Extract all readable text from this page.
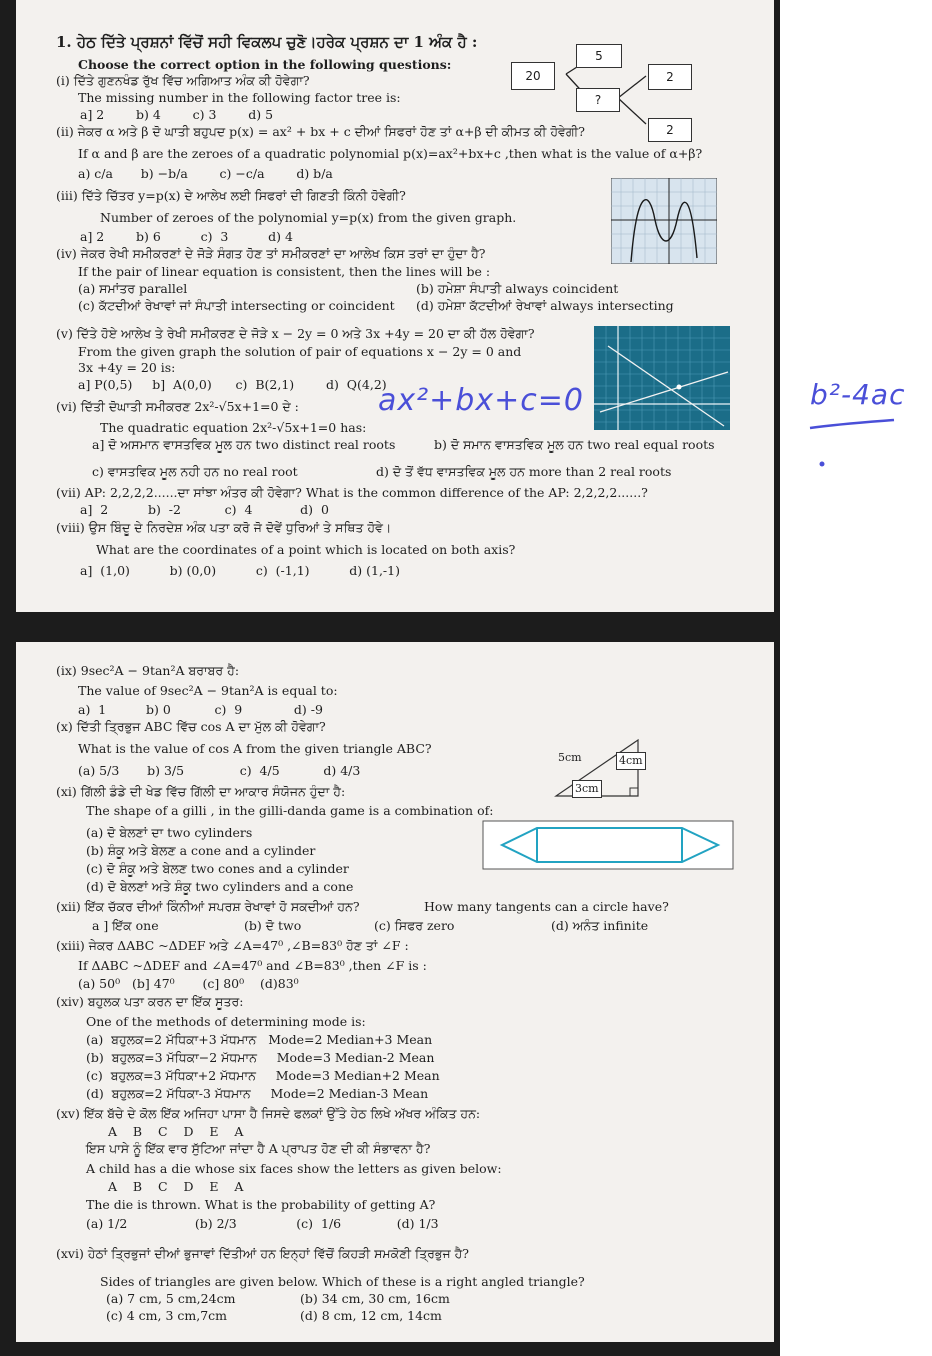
1. ਹੇਠ ਦਿੱਤੇ ਪ੍ਰਸ਼ਨਾਂ ਵਿੱਚੋਂ ਸਹੀ ਵਿਕਲਪ ਚੁਣੋ।ਹਰੇਕ ਪ੍ਰਸ਼ਨ ਦਾ 1 ਅੰਕ ਹੈ :
Choose the correct option in the following questions:
20
5
2
?
2
(i) ਦਿੱਤੇ ਗੁਣਨਖੰਡ ਰੁੱਖ ਵਿੱਚ ਅਗਿਆਤ ਅੰਕ ਕੀ ਹੋਵੇਗਾ?
The missing number in the following factor tree is:
a] 2        b) 4        c) 3        d) 5
(ii) ਜੇਕਰ α ਅਤੇ β ਦੋ ਘਾਤੀ ਬਹੁਪਦ p(x) = ax² + bx + c ਦੀਆਂ ਸਿਫਰਾਂ ਹੋਣ ਤਾਂ α+β ਦੀ ਕੀਮਤ ਕੀ ਹੋਵੇਗੀ?
If α and β are the zeroes of a quadratic polynomial p(x)=ax²+bx+c ,then what is the value of α+β?
a) c/a       b) −b/a        c) −c/a        d) b/a
(iii) ਦਿੱਤੇ ਚਿੱਤਰ y=p(x) ਦੇ ਆਲੇਖ ਲਈ ਸਿਫਰਾਂ ਦੀ ਗਿਣਤੀ ਕਿੰਨੀ ਹੋਵੇਗੀ?
Number of zeroes of the polynomial y=p(x) from the given graph.
a] 2        b) 6          c)  3          d) 4
(iv) ਜੇਕਰ ਰੇਖੀ ਸਮੀਕਰਣਾਂ ਦੇ ਜੋੜੇ ਸੰਗਤ ਹੋਣ ਤਾਂ ਸਮੀਕਰਣਾਂ ਦਾ ਆਲੇਖ ਕਿਸ ਤਰਾਂ ਦਾ ਹੁੰਦਾ ਹੈ?
If the pair of linear equation is consistent, then the lines will be :
(a) ਸਮਾਂਤਰ parallel	(b) ਹਮੇਸ਼ਾ ਸੰਪਾਤੀ always coincident
(c) ਕੱਟਦੀਆਂ ਰੇਖਾਵਾਂ ਜਾਂ ਸੰਪਾਤੀ intersecting or coincident (d) ਹਮੇਸ਼ਾ ਕੱਟਦੀਆਂ ਰੇਖਾਵਾਂ always intersecting
(v) ਦਿੱਤੇ ਹੋਏ ਆਲੇਖ ਤੇ ਰੇਖੀ ਸਮੀਕਰਣ ਦੇ ਜੋੜੇ x − 2y = 0 ਅਤੇ 3x +4y = 20 ਦਾ ਕੀ ਹੱਲ ਹੋਵੇਗਾ?
From the given graph the solution of pair of equations x − 2y = 0 and
3x +4y = 20 is:
a] P(0,5)     b]  A(0,0)      c)  B(2,1)        d)  Q(4,2)
(vi) ਦਿੱਤੀ ਦੋਘਾਤੀ ਸਮੀਕਰਣ 2x²-√5x+1=0 ਦੇ :	ax²+bx+c=0
The quadratic equation 2x²-√5x+1=0 has:
a] ਦੋ ਅਸਮਾਨ ਵਾਸਤਵਿਕ ਮੂਲ ਹਨ two distinct real roots	b) ਦੋ ਸਮਾਨ ਵਾਸਤਵਿਕ ਮੂਲ ਹਨ two real equal roots
c) ਵਾਸਤਵਿਕ ਮੂਲ ਨਹੀ ਹਨ no real root	d) ਦੋ ਤੋਂ ਵੱਧ ਵਾਸਤਵਿਕ ਮੂਲ ਹਨ more than 2 real roots
(vii) AP: 2,2,2,2......ਦਾ ਸਾਂਝਾ ਅੰਤਰ ਕੀ ਹੋਵੇਗਾ? What is the common difference of the AP: 2,2,2,2......?
a]  2          b)  -2           c)  4            d)  0
(viii) ਉਸ ਬਿੰਦੂ ਦੇ ਨਿਰਦੇਸ਼ ਅੰਕ ਪਤਾ ਕਰੋ ਜੋ ਦੋਵੇਂ ਧੁਰਿਆਂ ਤੇ ਸਥਿਤ ਹੋਵੇ।
What are the coordinates of a point which is located on both axis?
a]  (1,0)          b) (0,0)          c)  (-1,1)          d) (1,-1)
(ix) 9sec²A − 9tan²A ਬਰਾਬਰ ਹੈ:
The value of 9sec²A − 9tan²A is equal to:
a)  1          b) 0           c)  9             d) -9
(x) ਦਿੱਤੀ ਤ੍ਰਿਭੁਜ ABC ਵਿੱਚ cos A ਦਾ ਮੁੱਲ ਕੀ ਹੋਵੇਗਾ?
What is the value of cos A from the given triangle ABC?
(a) 5/3       b) 3/5              c)  4/5           d) 4/3
5cm	4cm
3cm
(xi) ਗਿੱਲੀ ਡੰਡੇ ਦੀ ਖੇਡ ਵਿੱਚ ਗਿੱਲੀ ਦਾ ਆਕਾਰ ਸੰਯੋਜਨ ਹੁੰਦਾ ਹੈ:
The shape of a gilli , in the gilli-danda game is a combination of:
(a) ਦੋ ਬੇਲਣਾਂ ਦਾ two cylinders
(b) ਸ਼ੰਕੂ ਅਤੇ ਬੇਲਣ a cone and a cylinder
(c) ਦੋ ਸ਼ੰਕੂ ਅਤੇ ਬੇਲਣ two cones and a cylinder
(d) ਦੋ ਬੇਲਣਾਂ ਅਤੇ ਸ਼ੰਕੂ two cylinders and a cone
(xii) ਇੱਕ ਚੱਕਰ ਦੀਆਂ ਕਿੰਨੀਆਂ ਸਪਰਸ਼ ਰੇਖਾਵਾਂ ਹੋ ਸਕਦੀਆਂ ਹਨ?	How many tangents can a circle have?
a ] ਇੱਕ one	(b) ਦੋ two	(c) ਸਿਫਰ zero	(d) ਅਨੰਤ infinite
(xiii) ਜੇਕਰ ΔABC ~ΔDEF ਅਤੇ ∠A=47⁰ ,∠B=83⁰ ਹੋਣ ਤਾਂ ∠F :
If ΔABC ~ΔDEF and ∠A=47⁰ and ∠B=83⁰ ,then ∠F is :
(a) 50⁰   (b] 47⁰       (c] 80⁰    (d)83⁰
(xiv) ਬਹੁਲਕ ਪਤਾ ਕਰਨ ਦਾ ਇੱਕ ਸੂਤਰ:
One of the methods of determining mode is:
(a)  ਬਹੁਲਕ=2 ਮੱਧਿਕਾ+3 ਮੱਧਮਾਨ   Mode=2 Median+3 Mean
(b)  ਬਹੁਲਕ=3 ਮੱਧਿਕਾ−2 ਮੱਧਮਾਨ     Mode=3 Median-2 Mean
(c)  ਬਹੁਲਕ=3 ਮੱਧਿਕਾ+2 ਮੱਧਮਾਨ     Mode=3 Median+2 Mean
(d)  ਬਹੁਲਕ=2 ਮੱਧਿਕਾ-3 ਮੱਧਮਾਨ     Mode=2 Median-3 Mean
(xv) ਇੱਕ ਬੱਚੇ ਦੇ ਕੋਲ ਇੱਕ ਅਜਿਹਾ ਪਾਸਾ ਹੈ ਜਿਸਦੇ ਫਲਕਾਂ ਉੱਤੇ ਹੇਠ ਲਿਖੇ ਅੱਖਰ ਅੰਕਿਤ ਹਨ:
A    B    C    D    E    A
ਇਸ ਪਾਸੇ ਨੂੰ ਇੱਕ ਵਾਰ ਸੁੱਟਿਆ ਜਾਂਦਾ ਹੈ A ਪ੍ਰਾਪਤ ਹੋਣ ਦੀ ਕੀ ਸੰਭਾਵਨਾ ਹੈ?
A child has a die whose six faces show the letters as given below:
A    B    C    D    E    A
The die is thrown. What is the probability of getting A?
(a) 1/2                 (b) 2/3               (c)  1/6              (d) 1/3
(xvi) ਹੇਠਾਂ ਤ੍ਰਿਭੁਜਾਂ ਦੀਆਂ ਭੁਜਾਵਾਂ ਦਿੱਤੀਆਂ ਹਨ ਇਨ੍ਹਾਂ ਵਿੱਚੋਂ ਕਿਹੜੀ ਸਮਕੋਣੀ ਤ੍ਰਿਭੁਜ ਹੈ?
Sides of triangles are given below. Which of these is a right angled triangle?
(a) 7 cm, 5 cm,24cm	(b) 34 cm, 30 cm, 16cm
(c) 4 cm, 3 cm,7cm	(d) 8 cm, 12 cm, 14cm
b²-4ac
